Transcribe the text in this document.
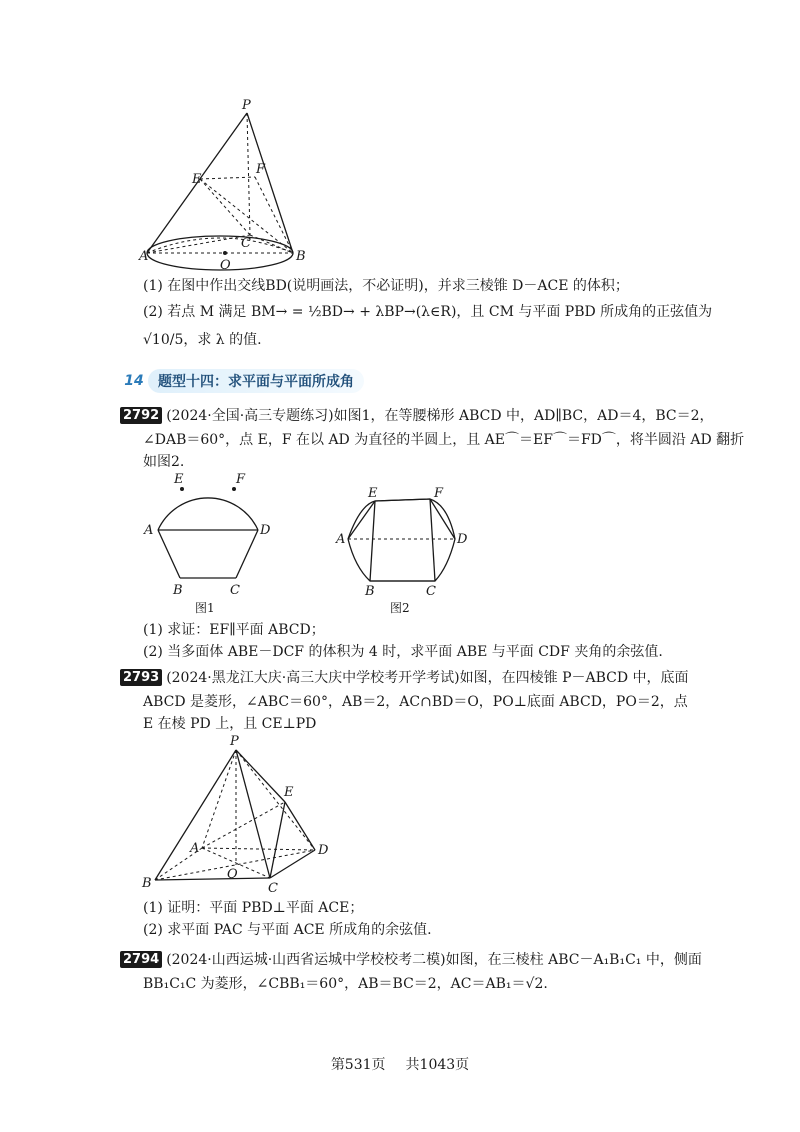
P
F
E
A
C
B
O
(1) 在图中作出交线BD(说明画法，不必证明)，并求三棱锥 D－ACE 的体积；
(2) 若点 M 满足 BM→ = ½BD→ + λBP→(λ∈R)，且 CM 与平面 PBD 所成角的正弦值为
√10/5，求 λ 的值.
14	题型十四：求平面与平面所成角
2792 (2024·全国·高三专题练习)如图1，在等腰梯形 ABCD 中，AD∥BC，AD＝4，BC＝2，
∠DAB＝60°，点 E，F 在以 AD 为直径的半圆上，且 AE⌒＝EF⌒＝FD⌒，将半圆沿 AD 翻折
如图2.
E	F
A	D
B	C
图1
E	F
A	D
B	C
图2
(1) 求证：EF∥平面 ABCD；
(2) 当多面体 ABE－DCF 的体积为 4 时，求平面 ABE 与平面 CDF 夹角的余弦值.
2793 (2024·黑龙江大庆·高三大庆中学校考开学考试)如图，在四棱锥 P－ABCD 中，底面
ABCD 是菱形，∠ABC＝60°，AB＝2，AC∩BD＝O，PO⊥底面 ABCD，PO＝2，点
E 在棱 PD 上，且 CE⊥PD
P
E
A	D
O
B	C
(1) 证明：平面 PBD⊥平面 ACE；
(2) 求平面 PAC 与平面 ACE 所成角的余弦值.
2794 (2024·山西运城·山西省运城中学校校考二模)如图，在三棱柱 ABC－A₁B₁C₁ 中，侧面
BB₁C₁C 为菱形，∠CBB₁＝60°，AB＝BC＝2，AC＝AB₁＝√2.
第531页 共1043页
